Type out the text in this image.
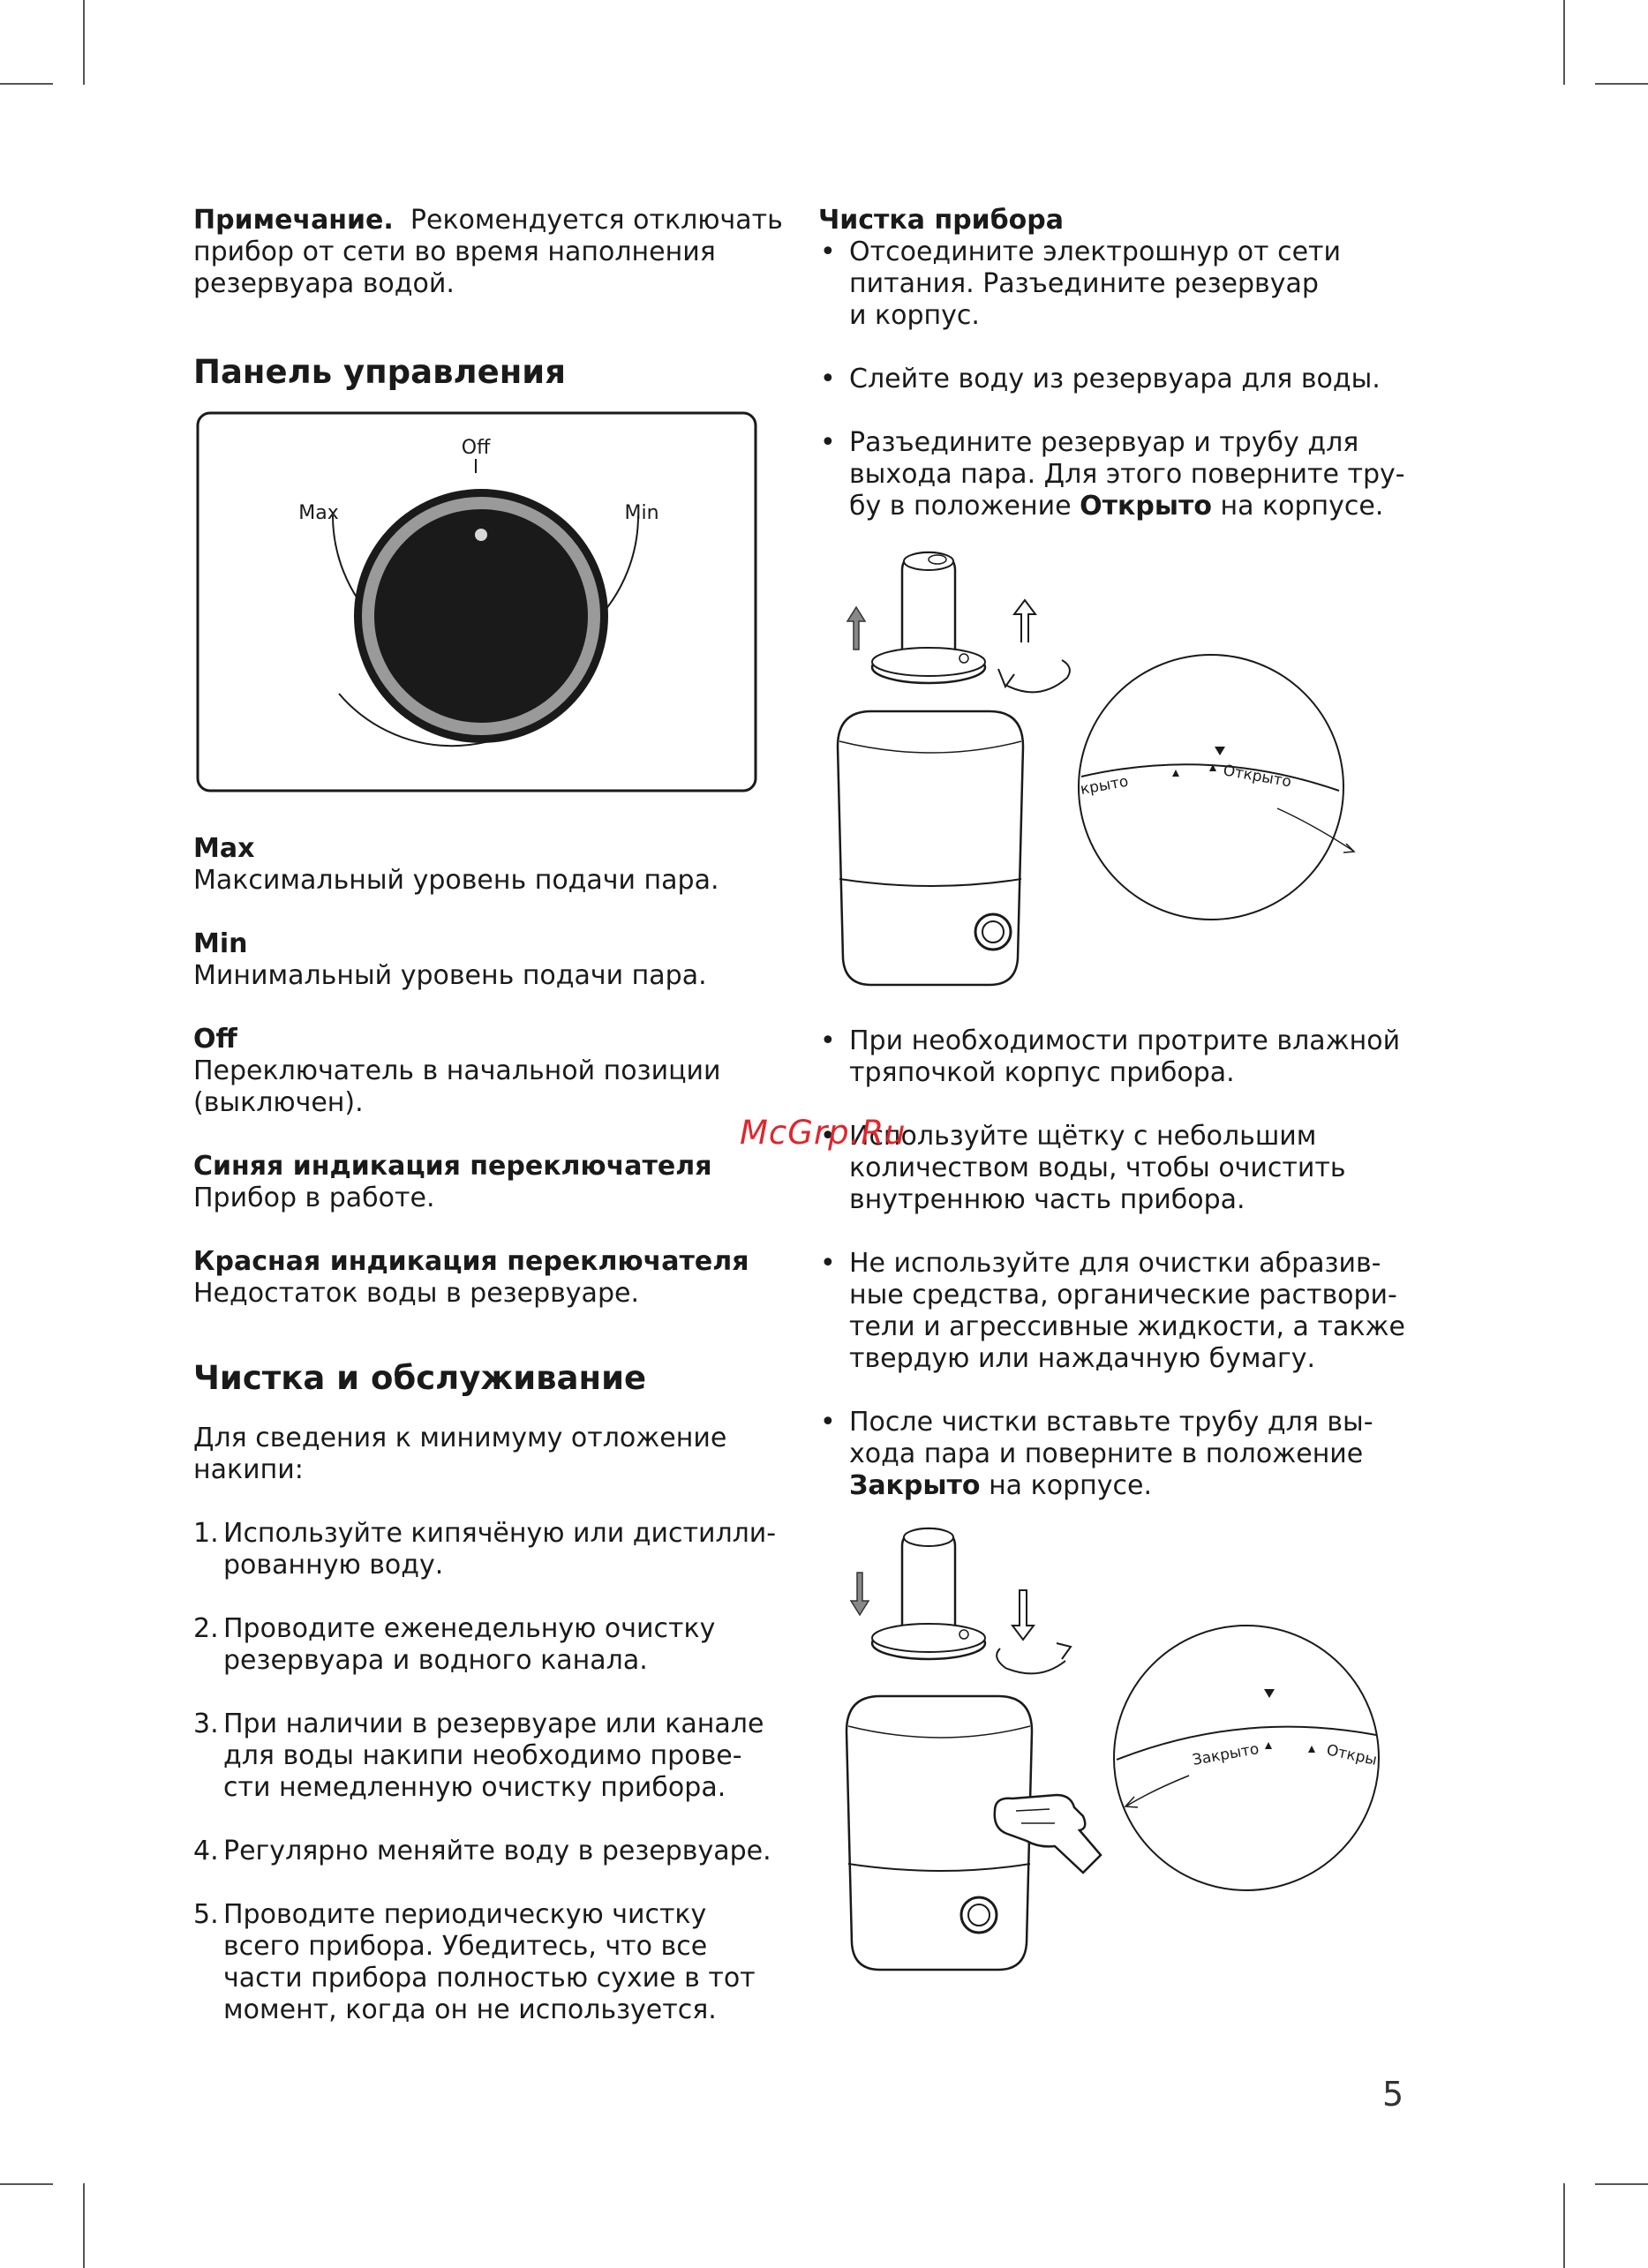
Примечание. Рекомендуется отключать
прибор от сети во время наполнения
резервуара водой.

Панель управления
Off
Max	Min

Max
Максимальный уровень подачи пара.

Min
Минимальный уровень подачи пара.

Off
Переключатель в начальной позиции
(выключен).

Синяя индикация переключателя
Прибор в работе.

Красная индикация переключателя
Недостаток воды в резервуаре.

Чистка и обслуживание

Для сведения к минимуму отложение
накипи:

1. Используйте кипячёную или дистилли-
рованную воду.
2. Проводите еженедельную очистку
резервуара и водного канала.
3. При наличии в резервуаре или канале
для воды накипи необходимо прове-
сти немедленную очистку прибора.
4. Регулярно меняйте воду в резервуаре.
5. Проводите периодическую чистку
всего прибора. Убедитесь, что все
части прибора полностью сухие в тот
момент, когда он не используется.

Чистка прибора

• Отсоедините электрошнур от сети
питания. Разъедините резервуар
и корпус.
• Слейте воду из резервуара для воды.
• Разъедините резервуар и трубу для
выхода пара. Для этого поверните тру-
бу в положение Открыто на корпусе.
крыто	Открыто
• При необходимости протрите влажной
тряпочкой корпус прибора.
• Используйте щётку с небольшим
количеством воды, чтобы очистить
внутреннюю часть прибора.
• Не используйте для очистки абразив-
ные средства, органические раствори-
тели и агрессивные жидкости, а также
твердую или наждачную бумагу.
• После чистки вставьте трубу для вы-
хода пара и поверните в положение
Закрыто на корпусе.
Закрыто	Откры
McGrp.Ru
5
